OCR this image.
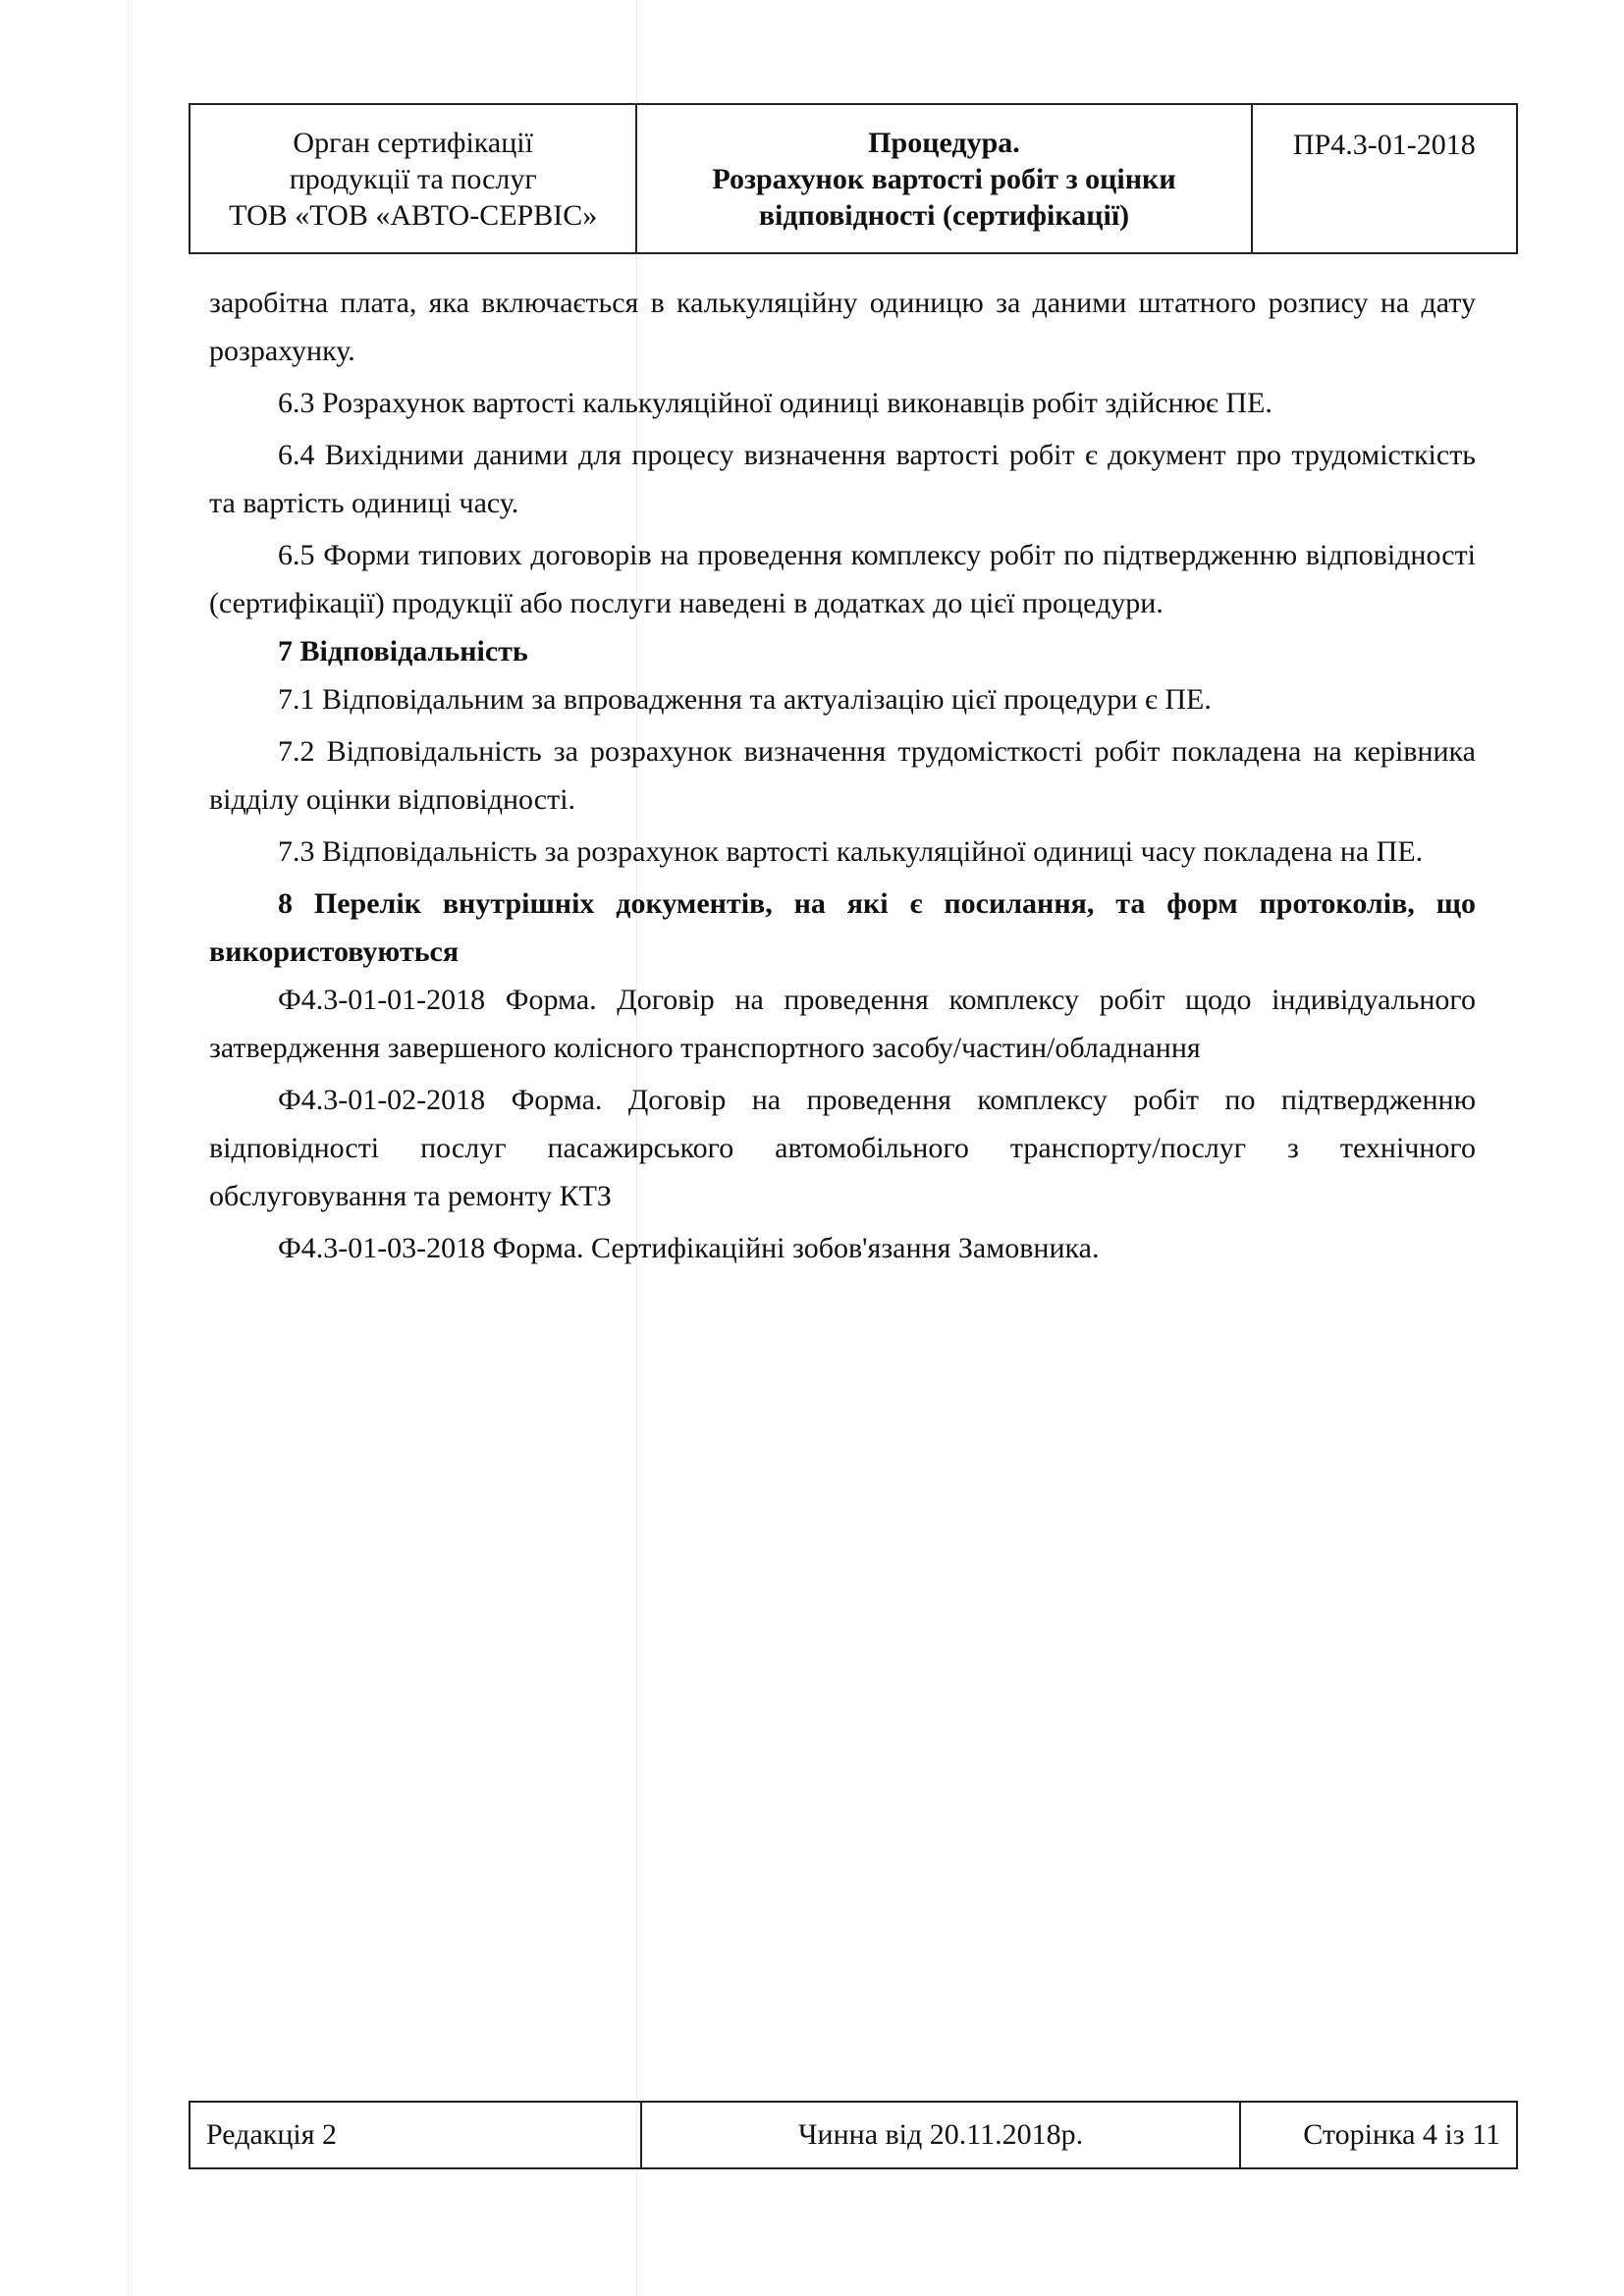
Орган сертифікації
продукції та послуг
ТОВ «ТОВ «АВТО-СЕРВІС»

Процедура.
Розрахунок вартості робіт з оцінки
відповідності (сертифікації)
	ПР4.3-01-2018

заробітна плата, яка включається в калькуляційну одиницю за даними штатного розпису на дату розрахунку.

6.3 Розрахунок вартості калькуляційної одиниці виконавців робіт здійснює ПЕ.

6.4 Вихідними даними для процесу визначення вартості робіт є документ про трудомісткість та вартість одиниці часу.

6.5 Форми типових договорів на проведення комплексу робіт по підтвердженню відповідності (сертифікації) продукції або послуги наведені в додатках до цієї процедури.

7 Відповідальність

7.1 Відповідальним за впровадження та актуалізацію цієї процедури є ПЕ.

7.2 Відповідальність за розрахунок визначення трудомісткості робіт покладена на керівника відділу оцінки відповідності.

7.3 Відповідальність за розрахунок вартості калькуляційної одиниці часу покладена на ПЕ.

8 Перелік внутрішніх документів, на які є посилання, та форм протоколів, що використовуються

Ф4.3-01-01-2018 Форма. Договір на проведення комплексу робіт щодо індивідуального затвердження завершеного колісного транспортного засобу/частин/обладнання

Ф4.3-01-02-2018 Форма. Договір на проведення комплексу робіт по підтвердженню відповідності послуг пасажирського автомобільного транспорту/послуг з технічного обслуговування та ремонту КТЗ

Ф4.3-01-03-2018 Форма. Сертифікаційні зобов'язання Замовника.

Редакція 2	Чинна від 20.11.2018р.	Сторінка 4 із 11
